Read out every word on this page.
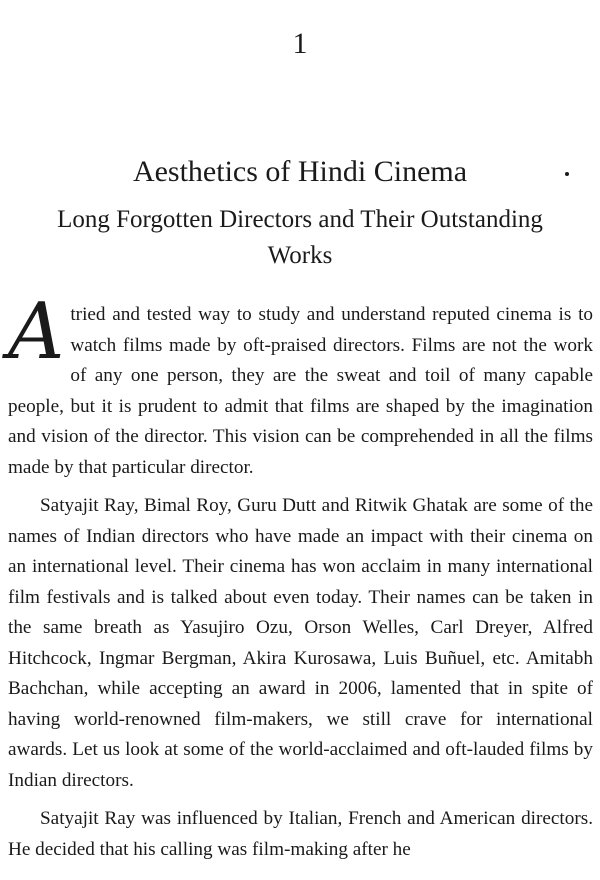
1
Aesthetics of Hindi Cinema
Long Forgotten Directors and Their Outstanding Works

Atried and tested way to study and understand reputed cinema is to watch films made by oft-praised directors. Films are not the work of any one person, they are the sweat and toil of many capable people, but it is prudent to admit that films are shaped by the imagination and vision of the director. This vision can be comprehended in all the films made by that particular director.

Satyajit Ray, Bimal Roy, Guru Dutt and Ritwik Ghatak are some of the names of Indian directors who have made an impact with their cinema on an international level. Their cinema has won acclaim in many international film festivals and is talked about even today. Their names can be taken in the same breath as Yasujiro Ozu, Orson Welles, Carl Dreyer, Alfred Hitchcock, Ingmar Bergman, Akira Kurosawa, Luis Buñuel, etc. Amitabh Bachchan, while accepting an award in 2006, lamented that in spite of having world-renowned film-makers, we still crave for international awards. Let us look at some of the world-acclaimed and oft-lauded films by Indian directors.

Satyajit Ray was influenced by Italian, French and American directors. He decided that his calling was film-making after he
